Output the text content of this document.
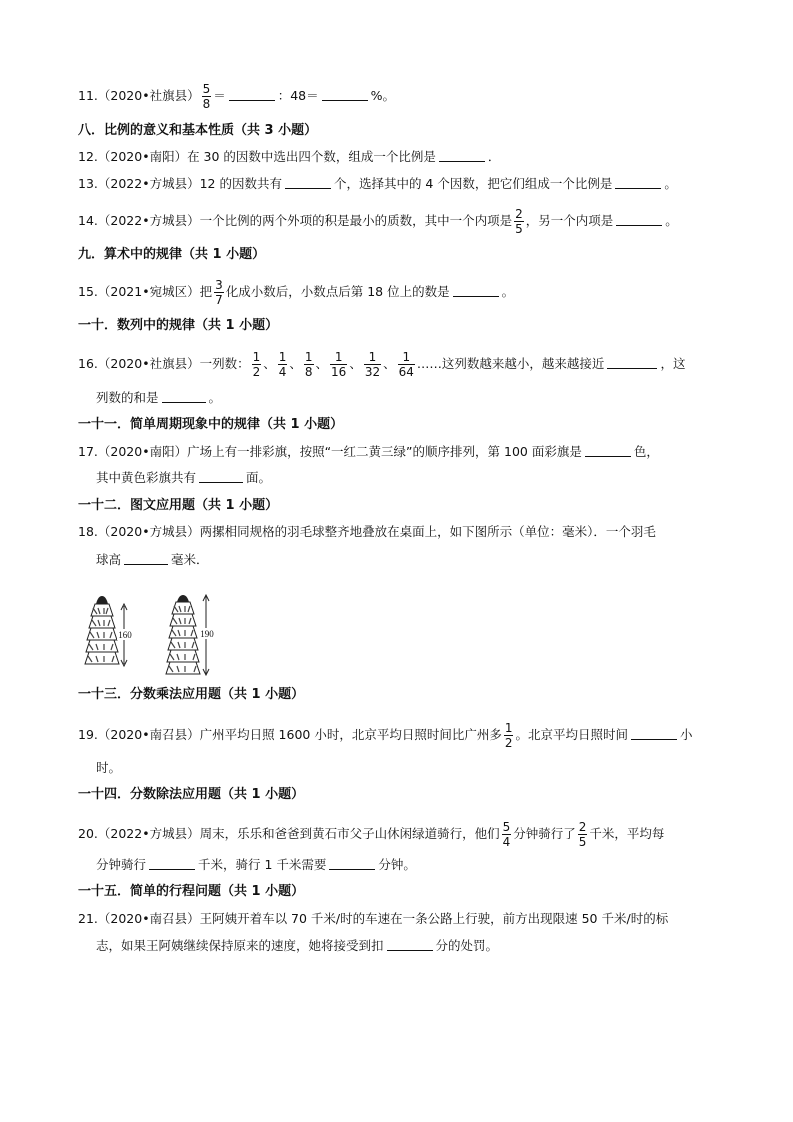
11.（2020•社旗县） $\frac{5}{8}$ ＝	：48＝	%。
八．比例的意义和基本性质（共 3 小题）
12.（2020•南阳）在 30 的因数中选出四个数，组成一个比例是	．
13.（2022•方城县）12 的因数共有	个，选择其中的 4 个因数，把它们组成一个比例是	。
14.（2022•方城县）一个比例的两个外项的积是最小的质数，其中一个内项是 $\frac{2}{5}$ ，另一个内项是	。
九．算术中的规律（共 1 小题）
15.（2021•宛城区）把 $\frac{3}{7}$ 化成小数后，小数点后第 18 位上的数是	。
一十．数列中的规律（共 1 小题）
16.（2020•社旗县）一列数： $\frac{1}{2}$ 、 $\frac{1}{4}$ 、 $\frac{1}{8}$ 、 $\frac{1}{16}$ 、 $\frac{1}{32}$ 、 $\frac{1}{64}$ ……这列数越来越小，越来越接近	，这
列数的和是	。
一十一．简单周期现象中的规律（共 1 小题）
17.（2020•南阳）广场上有一排彩旗，按照“一红二黄三绿”的顺序排列，第 100 面彩旗是	色，
其中黄色彩旗共有	面。
一十二．图文应用题（共 1 小题）
18.（2020•方城县）两摞相同规格的羽毛球整齐地叠放在桌面上，如下图所示（单位：毫米）．一个羽毛
球高	毫米．
160	190
一十三．分数乘法应用题（共 1 小题）
19.（2020•南召县）广州平均日照 1600 小时，北京平均日照时间比广州多 $\frac{1}{2}$ 。北京平均日照时间	小
时。
一十四．分数除法应用题（共 1 小题）
20.（2022•方城县）周末，乐乐和爸爸到黄石市父子山休闲绿道骑行，他们 $\frac{5}{4}$ 分钟骑行了 $\frac{2}{5}$ 千米，平均每
分钟骑行	千米，骑行 1 千米需要	分钟。
一十五．简单的行程问题（共 1 小题）
21.（2020•南召县）王阿姨开着车以 70 千米/时的车速在一条公路上行驶，前方出现限速 50 千米/时的标
志，如果王阿姨继续保持原来的速度，她将接受到扣	分的处罚。
